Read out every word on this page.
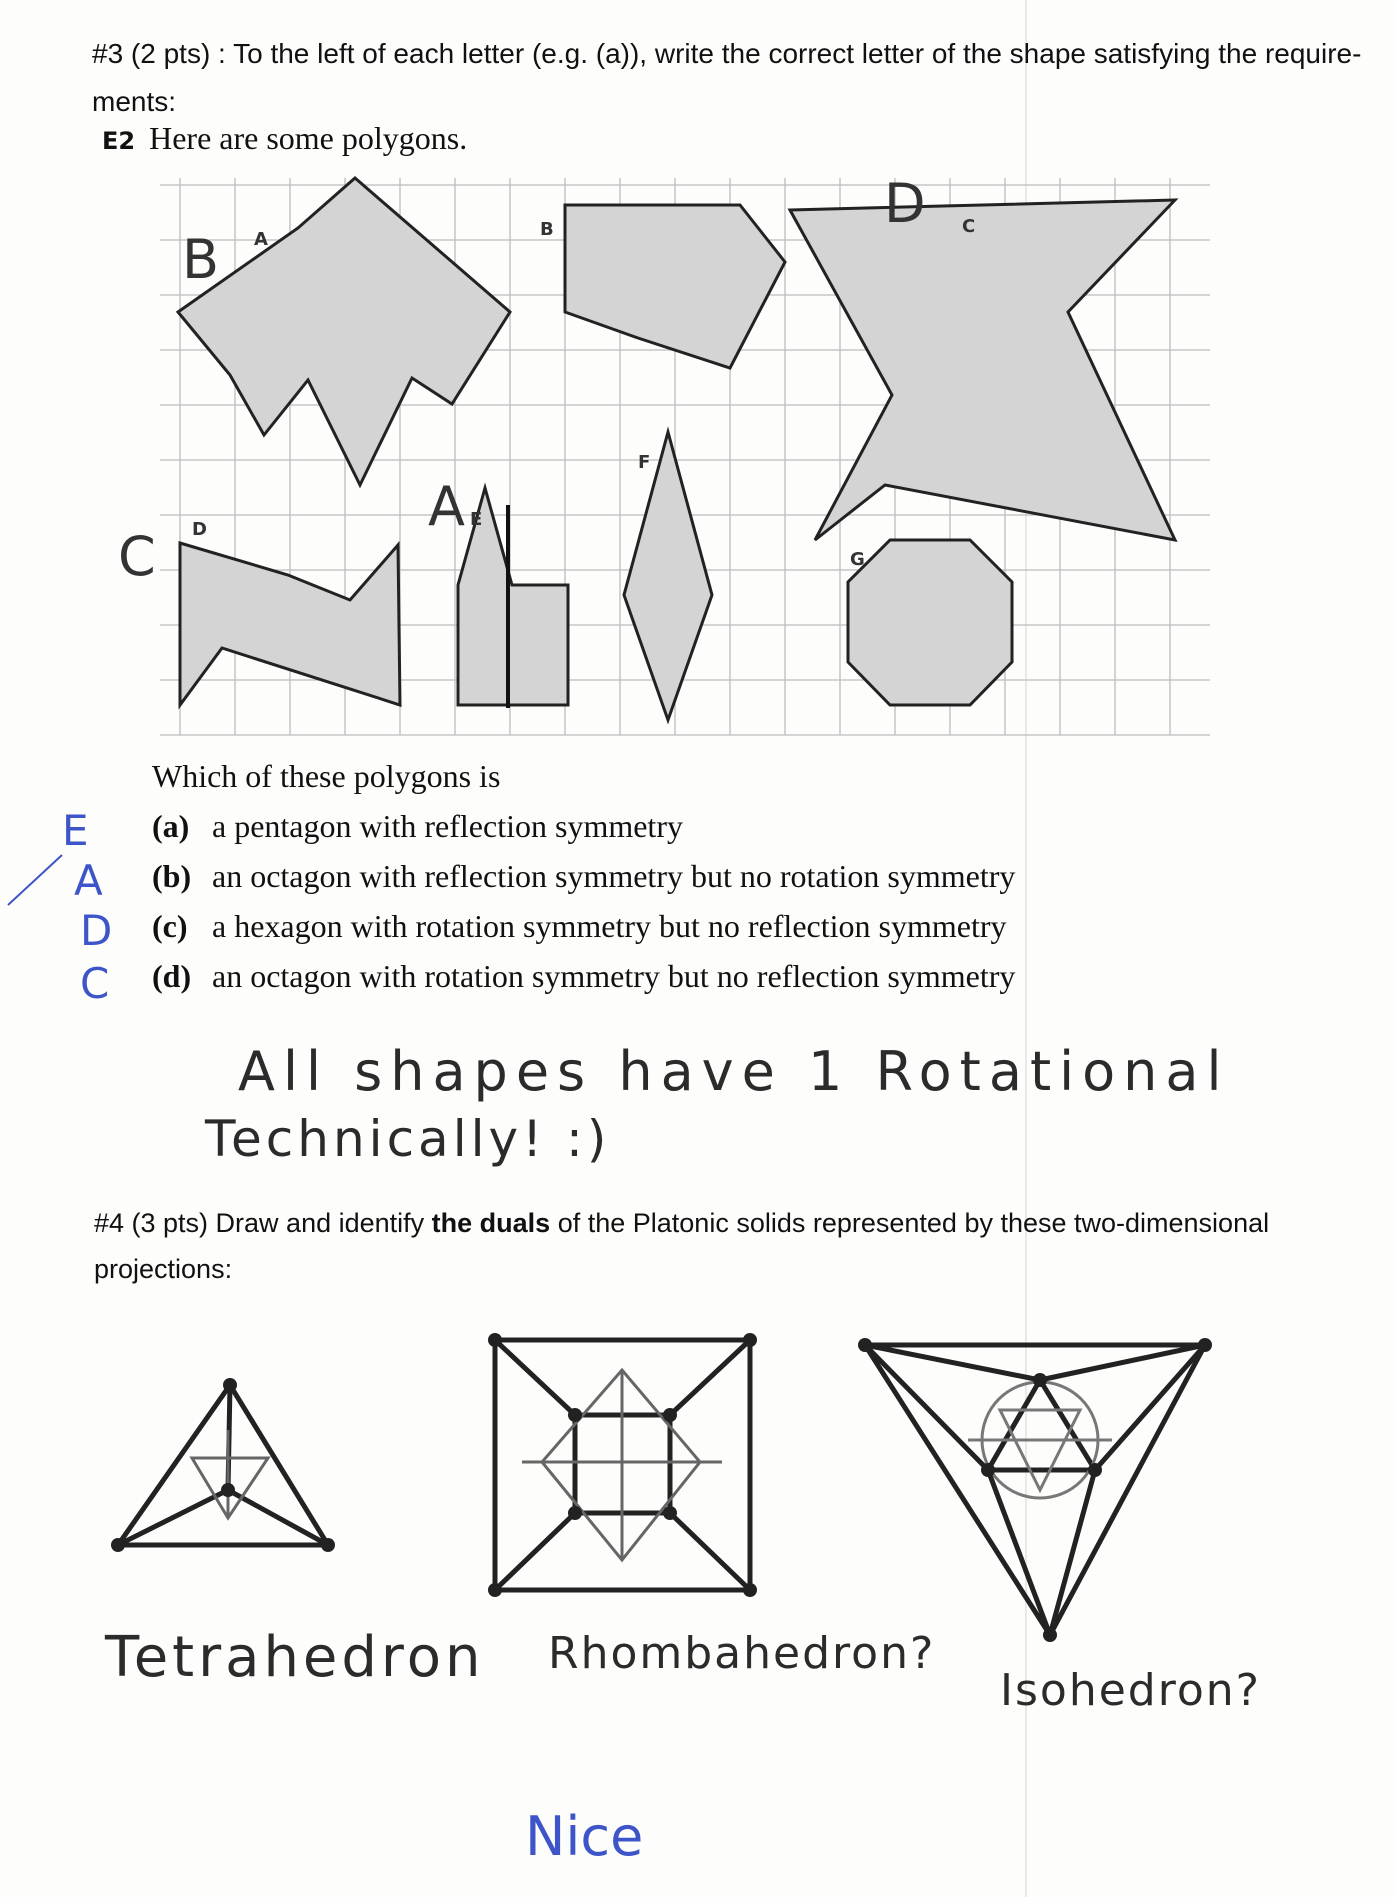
#3 (2 pts) : To the left of each letter (e.g. (a)), write the correct letter of the shape satisfying the require- ments:
E2 Here are some polygons.
A	B	C
D	E
F
G
B
D
C
A
Which of these polygons is
(a) a pentagon with reflection symmetry
(b) an octagon with reflection symmetry but no rotation symmetry
(c) a hexagon with rotation symmetry but no reflection symmetry
(d) an octagon with rotation symmetry but no reflection symmetry
E
A
D
C
All shapes have 1 Rotational
Technically! :)
#4 (3 pts) Draw and identify the duals of the Platonic solids represented by these two-dimensional projections:
Tetrahedron Rhombahedron?
Isohedron?
Nice
